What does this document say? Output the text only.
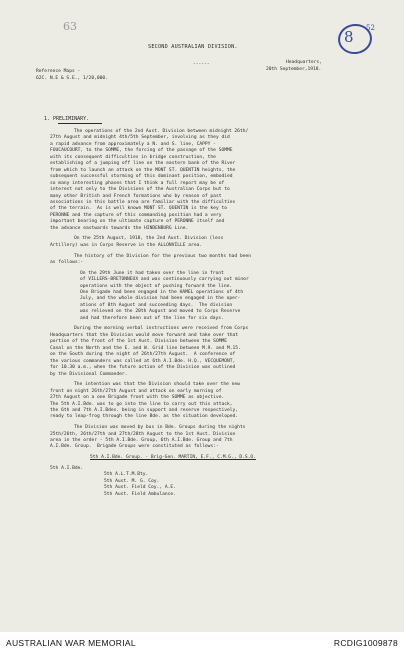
63
8 52
SECOND AUSTRALIAN DIVISION.
------	Headquarters,
20th September,1918.
Reference Maps -
62C. N.E & S.E., 1/20,000.
1. PRELIMINARY.
The operations of the 2nd Aust. Division between midnight 26th/
27th August and midnight 4th/5th September, involving as they did
a rapid advance from approximately a N. and S. line, CAPPY -
FOUCAUCOURT, to the SOMME, the forcing of the passage of the SOMME
with its consequent difficulties in bridge construction, the
establishing of a jumping off line on the eastern bank of the River
from which to launch an attack on the MONT ST. QUENTIN heights, the
subsequent successful storming of this dominant position, embodied
so many interesting phases that I think a full report may be of
interest not only to the Divisions of the Australian Corps but to
many other British and French formations who by reason of past
associations in this battle area are familiar with the difficulties
of the terrain.  As is well known MONT ST. QUENTIN is the key to
PERONNE and the capture of this commanding position had a very
important bearing on the ultimate capture of PERONNE itself and
the advance eastwards towards the HINDENBURG Line.
On the 25th August, 1918, the 2nd Aust. Division (less
Artillery) was in Corps Reserve in the ALLONVILLE area.
The history of the Division for the previous two months had been
as follows:-
On the 29th June it had taken over the line in front
of VILLERS-BRETONNEUX and was continuously carrying out minor
operations with the object of pushing forward the line.
One Brigade had been engaged in the HAMEL operations of 4th
July, and the whole division had been engaged in the oper-
ations of 8th August and succeeding days.  The division
was relieved on the 20th August and moved to Corps Reserve
and had therefore been out of the line for six days.
During the morning verbal instructions were received from Corps
Headquarters that the Division would move forward and take over that
portion of the front of the 1st Aust. Division between the SOMME
Canal on the North and the E. and W. Grid line between M.9. and M.15.
on the South during the night of 26th/27th August.  A conference of
the various commanders was called at 6th A.I.Bde. H.Q., VECQUEMONT,
for 10.30 a.m., when the future action of the Division was outlined
by the Divisional Commander.
The intention was that the Division should take over the new
front on night 26th/27th August and attack on early morning of
27th August on a one Brigade front with the SOMME as objective.
The 5th A.I.Bde. was to go into the line to carry out this attack,
the 6th and 7th A.I.Bdes. being in support and reserve respectively,
ready to leap-frog through the line Bde. as the situation developed.
The Division was moved by bus in Bde. Groups during the nights
25th/26th, 26th/27th and 27th/28th August to the 1st Aust. Division
area in the order - 5th A.I.Bde. Group, 6th A.I.Bde. Group and 7th
A.I.Bde. Group.  Brigade Groups were constituted as follows:-
5th A.I.Bde. Group. - Brig-Gen. MARTIN, E.F., C.M.G., D.S.O.
5th A.I.Bde.
5th A.L.T.M.Bty.
5th Aust. M. G. Coy.
5th Aust. Field Coy., A.E.
5th Aust. Field Ambulance.
AUSTRALIAN WAR MEMORIAL	RCDIG1009878
